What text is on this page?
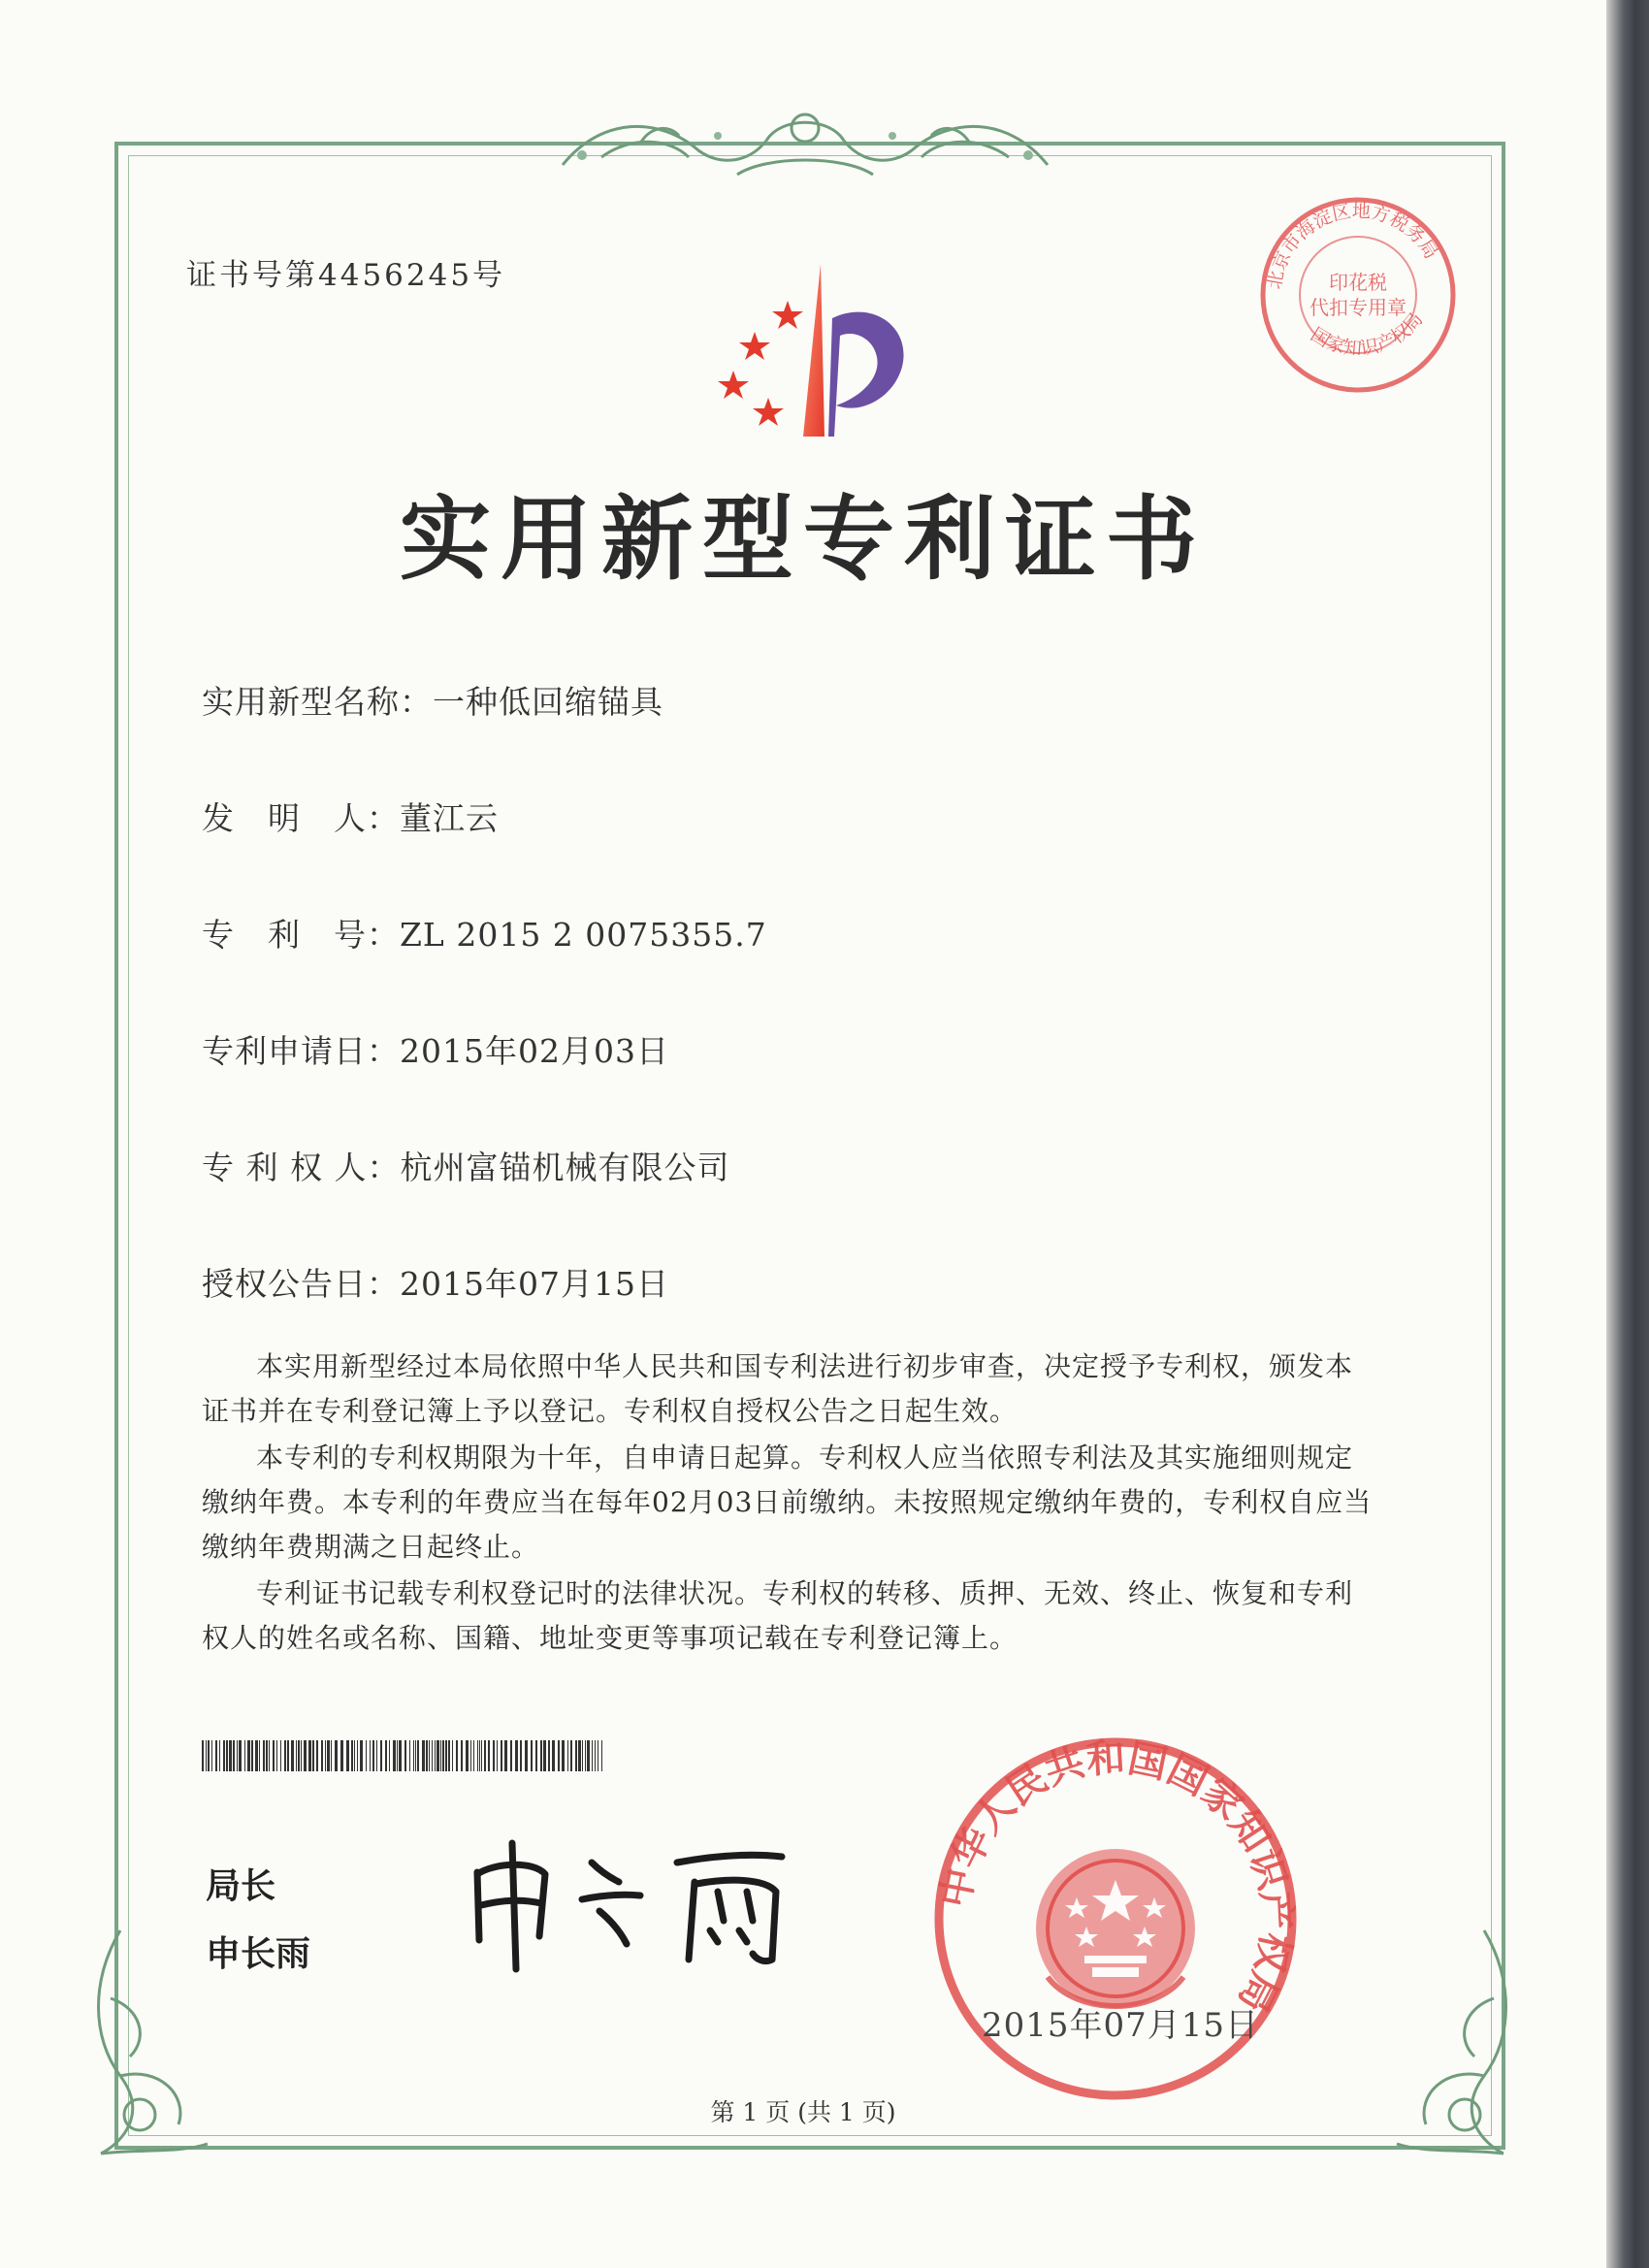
证书号第4456245号
实用新型专利证书
实用新型名称：一种低回缩锚具
发　明　人：董江云
专　利　号：ZL 2015 2 0075355.7
专利申请日：2015年02月03日
专 利 权 人：杭州富锚机械有限公司
授权公告日：2015年07月15日
本实用新型经过本局依照中华人民共和国专利法进行初步审查，决定授予专利权，颁发本证书并在专利登记簿上予以登记。专利权自授权公告之日起生效。
本专利的专利权期限为十年，自申请日起算。专利权人应当依照专利法及其实施细则规定缴纳年费。本专利的年费应当在每年02月03日前缴纳。未按照规定缴纳年费的，专利权自应当缴纳年费期满之日起终止。
专利证书记载专利权登记时的法律状况。专利权的转移、质押、无效、终止、恢复和专利权人的姓名或名称、国籍、地址变更等事项记载在专利登记簿上。
局长
申长雨
中华人民共和国国家知识产权局
2015年07月15日
北京市海淀区地方税务局
国家知识产权局
印花税
代扣专用章
第 1 页 (共 1 页)
